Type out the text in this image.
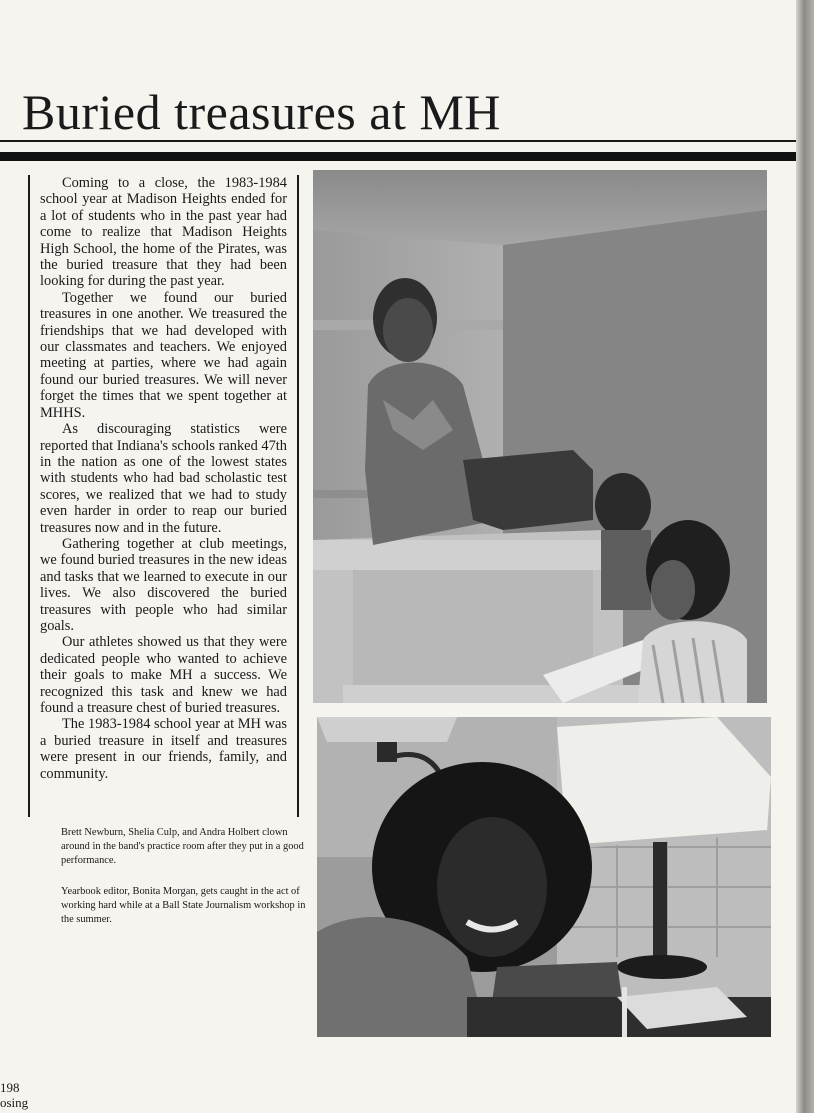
Buried treasures at MH

Coming to a close, the 1983-1984 school year at Madison Heights ended for a lot of students who in the past year had come to realize that Madison Heights High School, the home of the Pirates, was the buried treasure that they had been looking for during the past year.

Together we found our buried treasures in one another. We treasured the friendships that we had developed with our classmates and teachers. We enjoyed meeting at parties, where we had again found our buried treasures. We will never forget the times that we spent together at MHHS.

As discouraging statistics were reported that Indiana's schools ranked 47th in the nation as one of the lowest states with students who had bad scholastic test scores, we realized that we had to study even harder in order to reap our buried treasures now and in the future.

Gathering together at club meetings, we found buried treasures in the new ideas and tasks that we learned to execute in our lives. We also discovered the buried treasures with people who had similar goals.

Our athletes showed us that they were dedicated people who wanted to achieve their goals to make MH a success. We recognized this task and knew we had found a treasure chest of buried treasures.

The 1983-1984 school year at MH was a buried treasure in itself and treasures were present in our friends, family, and community.

Brett Newburn, Shelia Culp, and Andra Holbert clown around in the band's practice room after they put in a good performance.

Yearbook editor, Bonita Morgan, gets caught in the act of working hard while at a Ball State Journalism workshop in the summer.

198
osing
